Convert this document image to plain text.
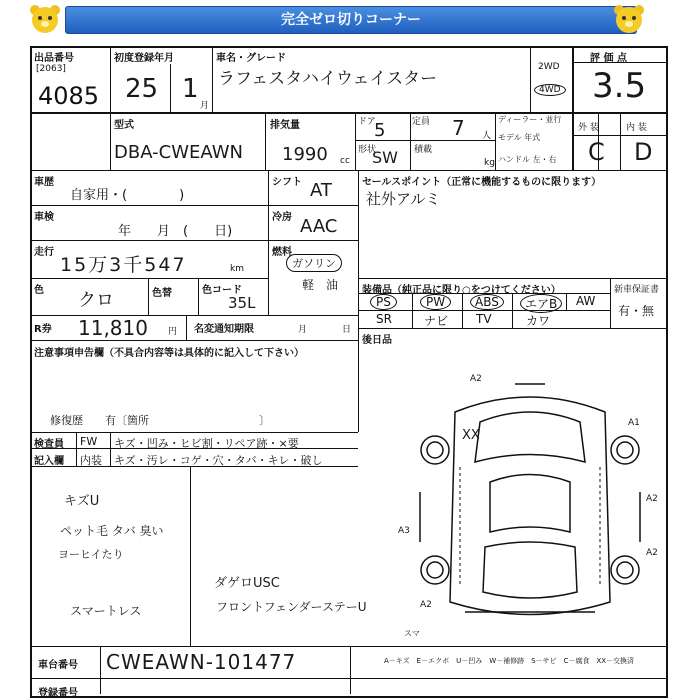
完全ゼロ切りコーナー
出品番号
[2063]
4085
初度登録年月
25 1
月
車名・グレード
ラフェスタハイウェイスター
2WD
4WD
評 価 点
3.5
型式
DBA-CWEAWN
排気量
1990 cc
ドア
5	定員 7 人
形状
SW 積載
kg
ディーラー・並行
モデル 年式
ハンドル 左・右
外 装	内 装
C D
車歴
自家用・(　　　　)
シフト AT
車検
年　　月　(　　日)
冷房 AAC
走行
15万3千547	km
燃料
ガソリン
軽　油
色 クロ	色替	色コード
35L
R券 11,810 円 名変通知期限	月	日
注意事項申告欄（不具合内容等は具体的に記入して下さい）
修復歴　　有〔箇所　　　　　　　　　　〕
セールスポイント（正常に機能するものに限ります）
社外アルミ
装備品（純正品に限り○をつけてください）	新車保証書
有・無
PS	PW	ABS	エアB	AW
SR	ナビ TV	カワ
後日品
検査員
記入欄
FW
内装
キズ・凹み・ヒビ割・リペア跡・×要
キズ・汚レ・コゲ・穴・タバ・キレ・破し
キズU
ペット毛 タバ 臭い
ヨーヒイたり
ダゲロUSC
スマートレス	フロントフェンダーステーU
A2
A1
XX
A2
A3
A2
A2
スマ
車台番号 CWEAWN-101477
登録番号
A－キズ　E－エクボ　U－凹み　W－補修跡　S－サビ　C－腐食　XX－交換済
